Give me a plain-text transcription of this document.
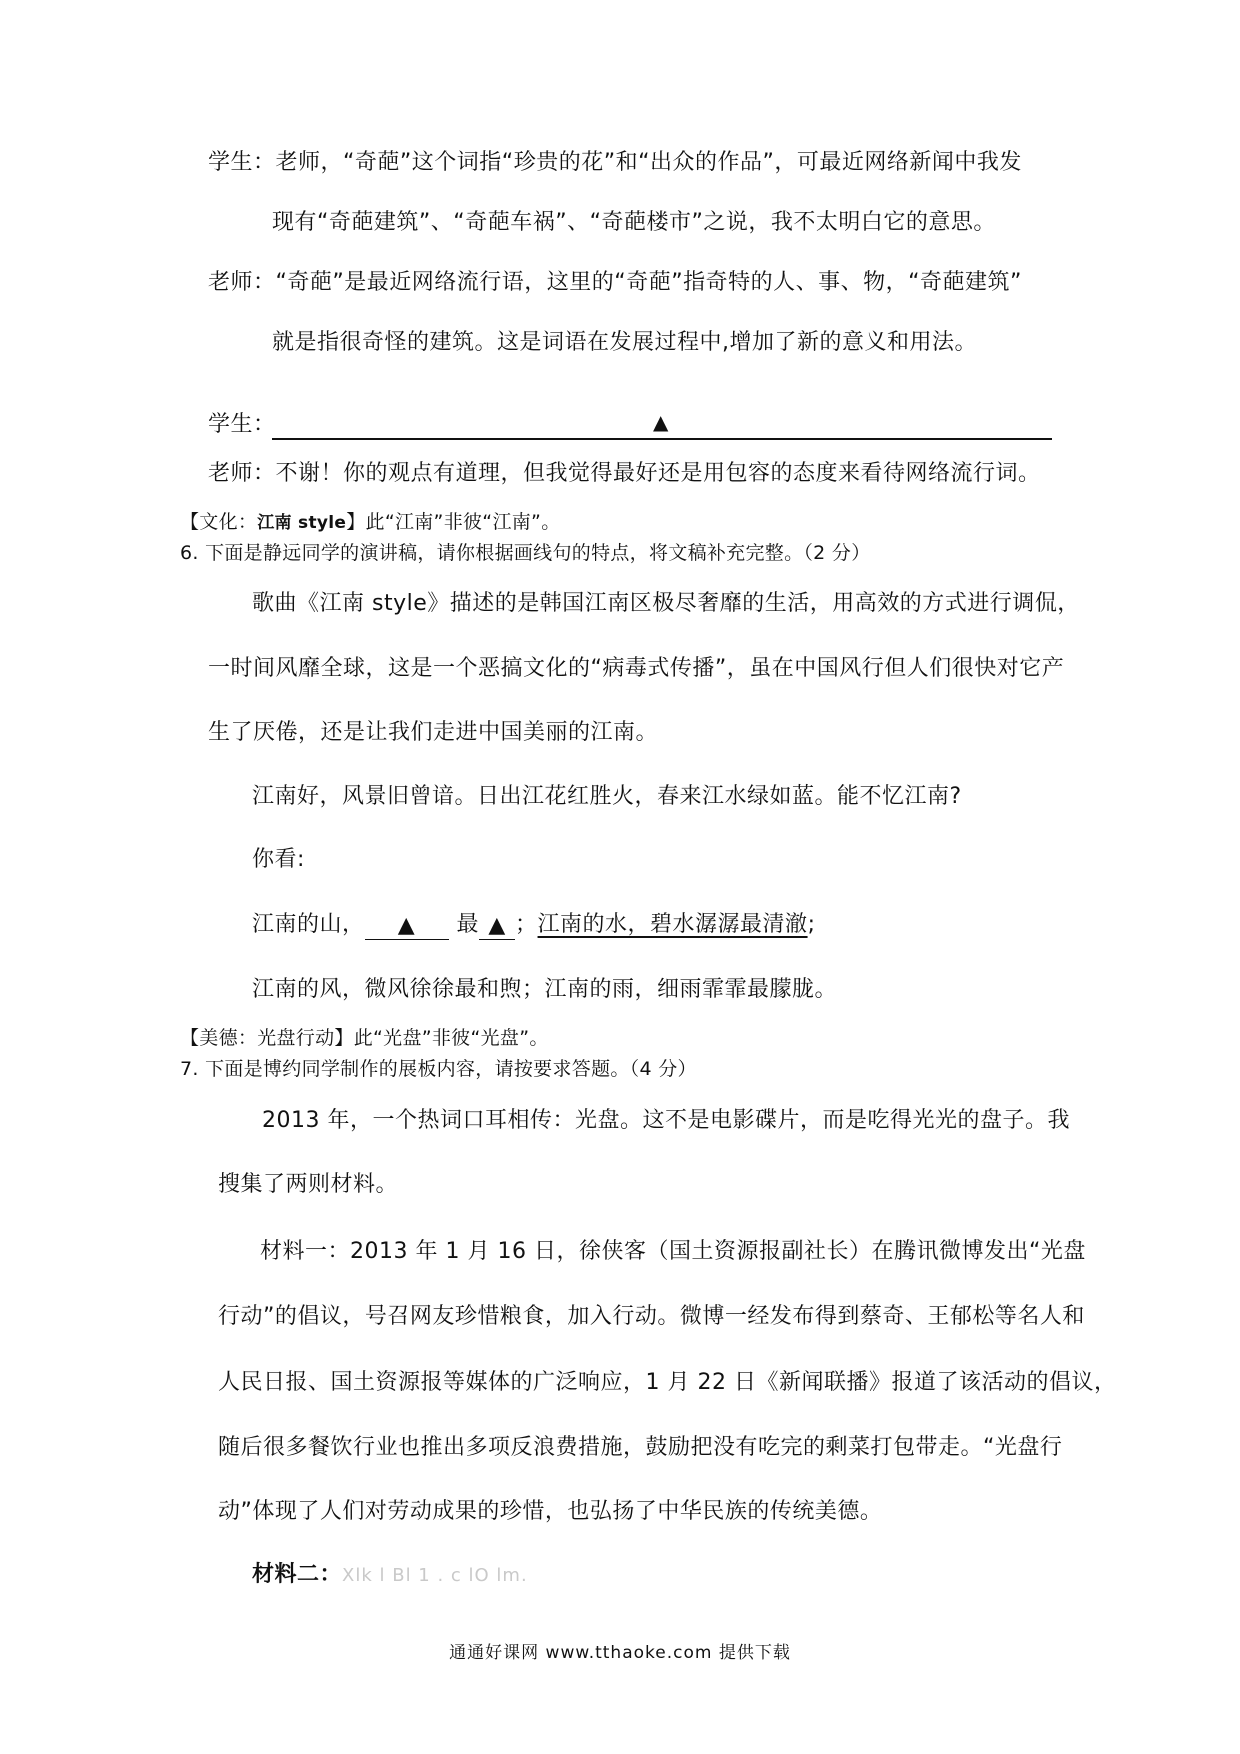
学生：老师，“奇葩”这个词指“珍贵的花”和“出众的作品”，可最近网络新闻中我发
现有“奇葩建筑”、“奇葩车祸”、“奇葩楼市”之说，我不太明白它的意思。
老师：“奇葩”是最近网络流行语，这里的“奇葩”指奇特的人、事、物，“奇葩建筑”
就是指很奇怪的建筑。这是词语在发展过程中,增加了新的意义和用法。
学生：	▲
老师：不谢！你的观点有道理，但我觉得最好还是用包容的态度来看待网络流行词。
【文化：江南 style】此“江南”非彼“江南”。
6. 下面是静远同学的演讲稿，请你根据画线句的特点，将文稿补充完整。（2 分）
歌曲《江南 style》描述的是韩国江南区极尽奢靡的生活，用高效的方式进行调侃，
一时间风靡全球，这是一个恶搞文化的“病毒式传播”，虽在中国风行但人们很快对它产
生了厌倦，还是让我们走进中国美丽的江南。
江南好，风景旧曾谙。日出江花红胜火，春来江水绿如蓝。能不忆江南?
你看:
江南的山， ▲ 最 ▲ ；江南的水，碧水潺潺最清澈;
江南的风，微风徐徐最和煦；江南的雨，细雨霏霏最朦胧。
【美德：光盘行动】此“光盘”非彼“光盘”。
7. 下面是博约同学制作的展板内容，请按要求答题。（4 分）
2013 年，一个热词口耳相传：光盘。这不是电影碟片，而是吃得光光的盘子。我
搜集了两则材料。
材料一：2013 年 1 月 16 日，徐侠客（国土资源报副社长）在腾讯微博发出“光盘
行动”的倡议，号召网友珍惜粮食，加入行动。微博一经发布得到蔡奇、王郁松等名人和
人民日报、国土资源报等媒体的广泛响应，1 月 22 日《新闻联播》报道了该活动的倡议，
随后很多餐饮行业也推出多项反浪费措施，鼓励把没有吃完的剩菜打包带走。“光盘行
动”体现了人们对劳动成果的珍惜，也弘扬了中华民族的传统美德。
材料二：Xlk l Bl 1 . c lO lm.
通通好课网 www.tthaoke.com 提供下载
